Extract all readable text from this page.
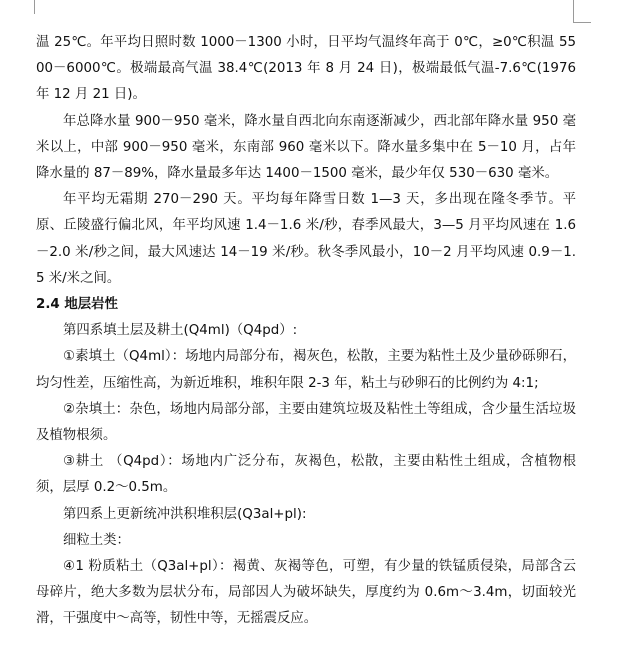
温 25℃。年平均日照时数 1000－1300 小时，日平均气温终年高于 0℃，≥0℃积温 5500－6000℃。极端最高气温 38.4℃(2013 年 8 月 24 日)，极端最低气温-7.6℃(1976 年 12 月 21 日)。

年总降水量 900－950 毫米，降水量自西北向东南逐渐减少，西北部年降水量 950 毫米以上，中部 900－950 毫米，东南部 960 毫米以下。降水量多集中在 5－10 月，占年降水量的 87－89%，降水量最多年达 1400－1500 毫米，最少年仅 530－630 毫米。

年平均无霜期 270－290 天。平均每年降雪日数 1—3 天，多出现在隆冬季节。平原、丘陵盛行偏北风，年平均风速 1.4－1.6 米/秒，春季风最大，3—5 月平均风速在 1.6－2.0 米/秒之间，最大风速达 14－19 米/秒。秋冬季风最小，10－2 月平均风速 0.9－1.5 米/米之间。

2.4 地层岩性

第四系填土层及耕土(Q4ml)（Q4pd）:

①素填土（Q4ml）：场地内局部分布，褐灰色，松散，主要为粘性土及少量砂砾卵石，均匀性差，压缩性高，为新近堆积，堆积年限 2-3 年，粘土与砂卵石的比例约为 4:1;

②杂填土：杂色，场地内局部分部，主要由建筑垃圾及粘性土等组成，含少量生活垃圾及植物根须。

③耕土 （Q4pd）：场地内广泛分布，灰褐色，松散，主要由粘性土组成，含植物根须，层厚 0.2～0.5m。

第四系上更新统冲洪积堆积层(Q3al+pl):

细粒土类：

④1 粉质粘土（Q3al+pl）：褐黄、灰褐等色，可塑，有少量的铁锰质侵染，局部含云母碎片，绝大多数为层状分布，局部因人为破坏缺失，厚度约为 0.6m～3.4m，切面较光滑，干强度中～高等，韧性中等，无摇震反应。
